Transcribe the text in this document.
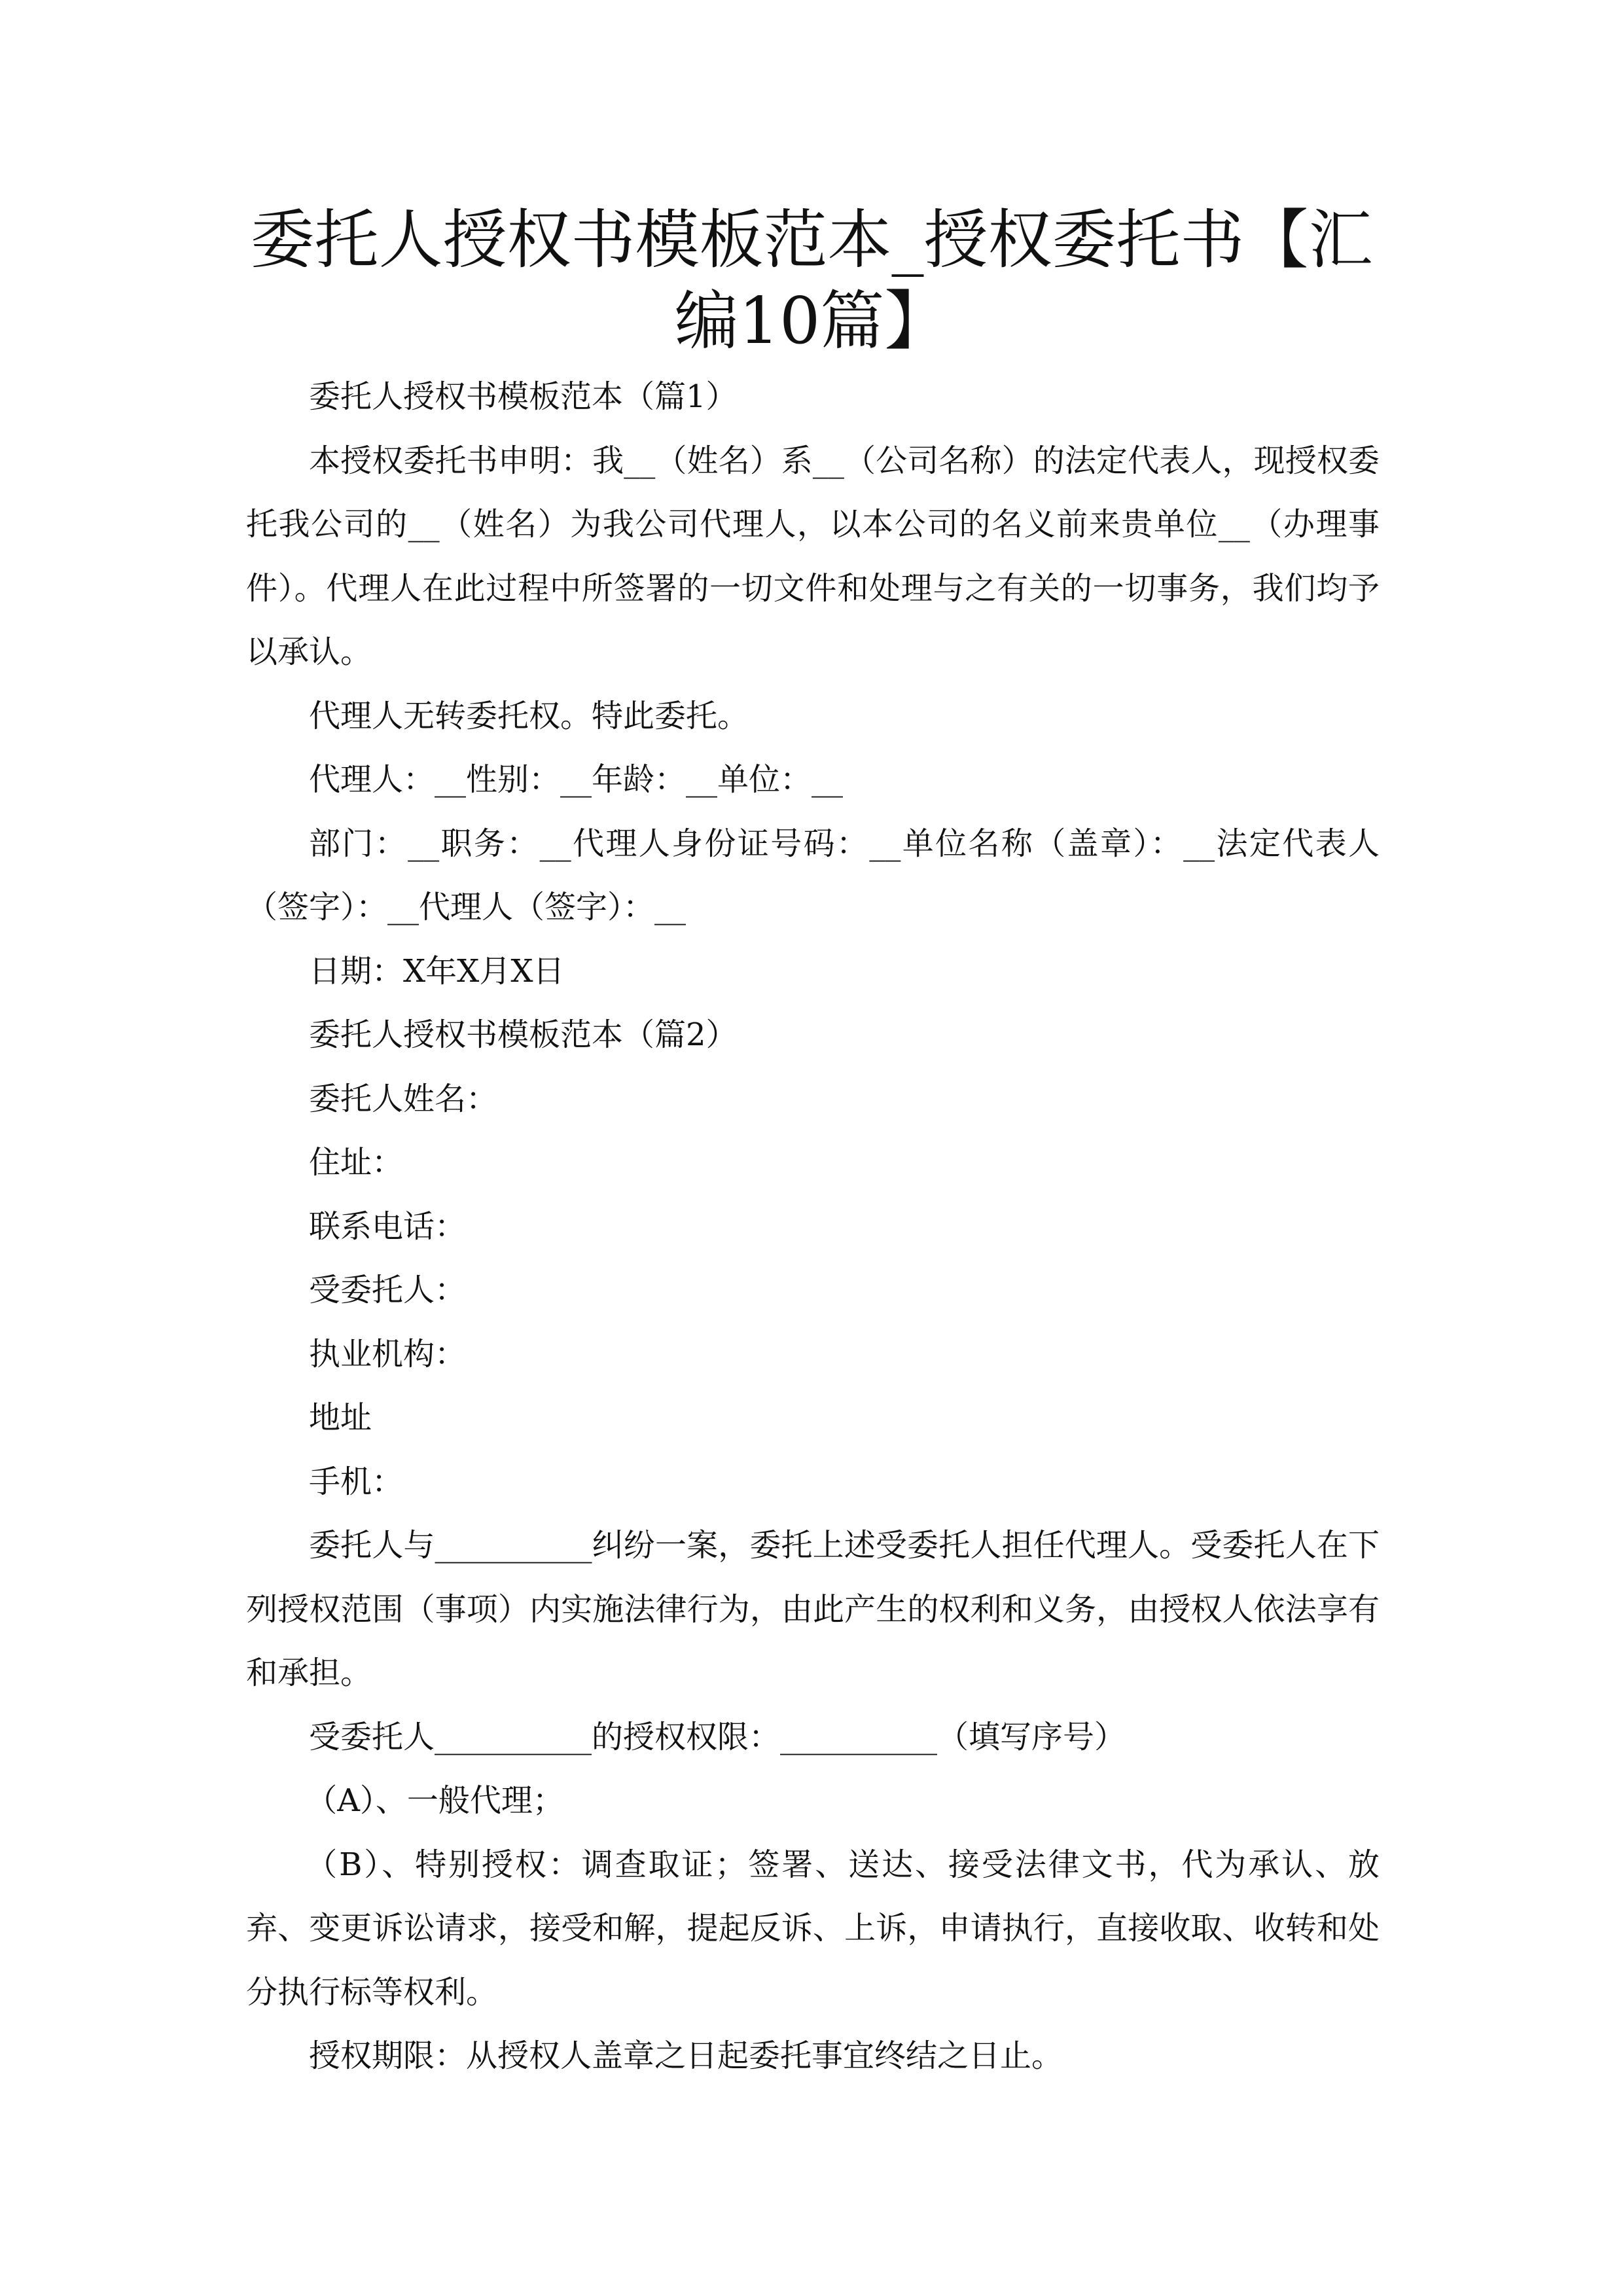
委托人授权书模板范本_授权委托书【汇编10篇】

委托人授权书模板范本（篇1）

本授权委托书申明：我__（姓名）系__（公司名称）的法定代表人，现授权委托我公司的__（姓名）为我公司代理人，以本公司的名义前来贵单位__（办理事件）。代理人在此过程中所签署的一切文件和处理与之有关的一切事务，我们均予以承认。

代理人无转委托权。特此委托。

代理人：__性别：__年龄：__单位：__

部门：__职务：__代理人身份证号码：__单位名称（盖章）：__法定代表人（签字）：__代理人（签字）：__

日期：X年X月X日

委托人授权书模板范本（篇2）

委托人姓名：

住址：

联系电话：

受委托人：

执业机构：

地址

手机：

委托人与__________纠纷一案，委托上述受委托人担任代理人。受委托人在下列授权范围（事项）内实施法律行为，由此产生的权利和义务，由授权人依法享有和承担。

受委托人__________的授权权限：__________（填写序号）

（A）、一般代理；

（B）、特别授权：调查取证；签署、送达、接受法律文书，代为承认、放弃、变更诉讼请求，接受和解，提起反诉、上诉，申请执行，直接收取、收转和处分执行标等权利。

授权期限：从授权人盖章之日起委托事宜终结之日止。
